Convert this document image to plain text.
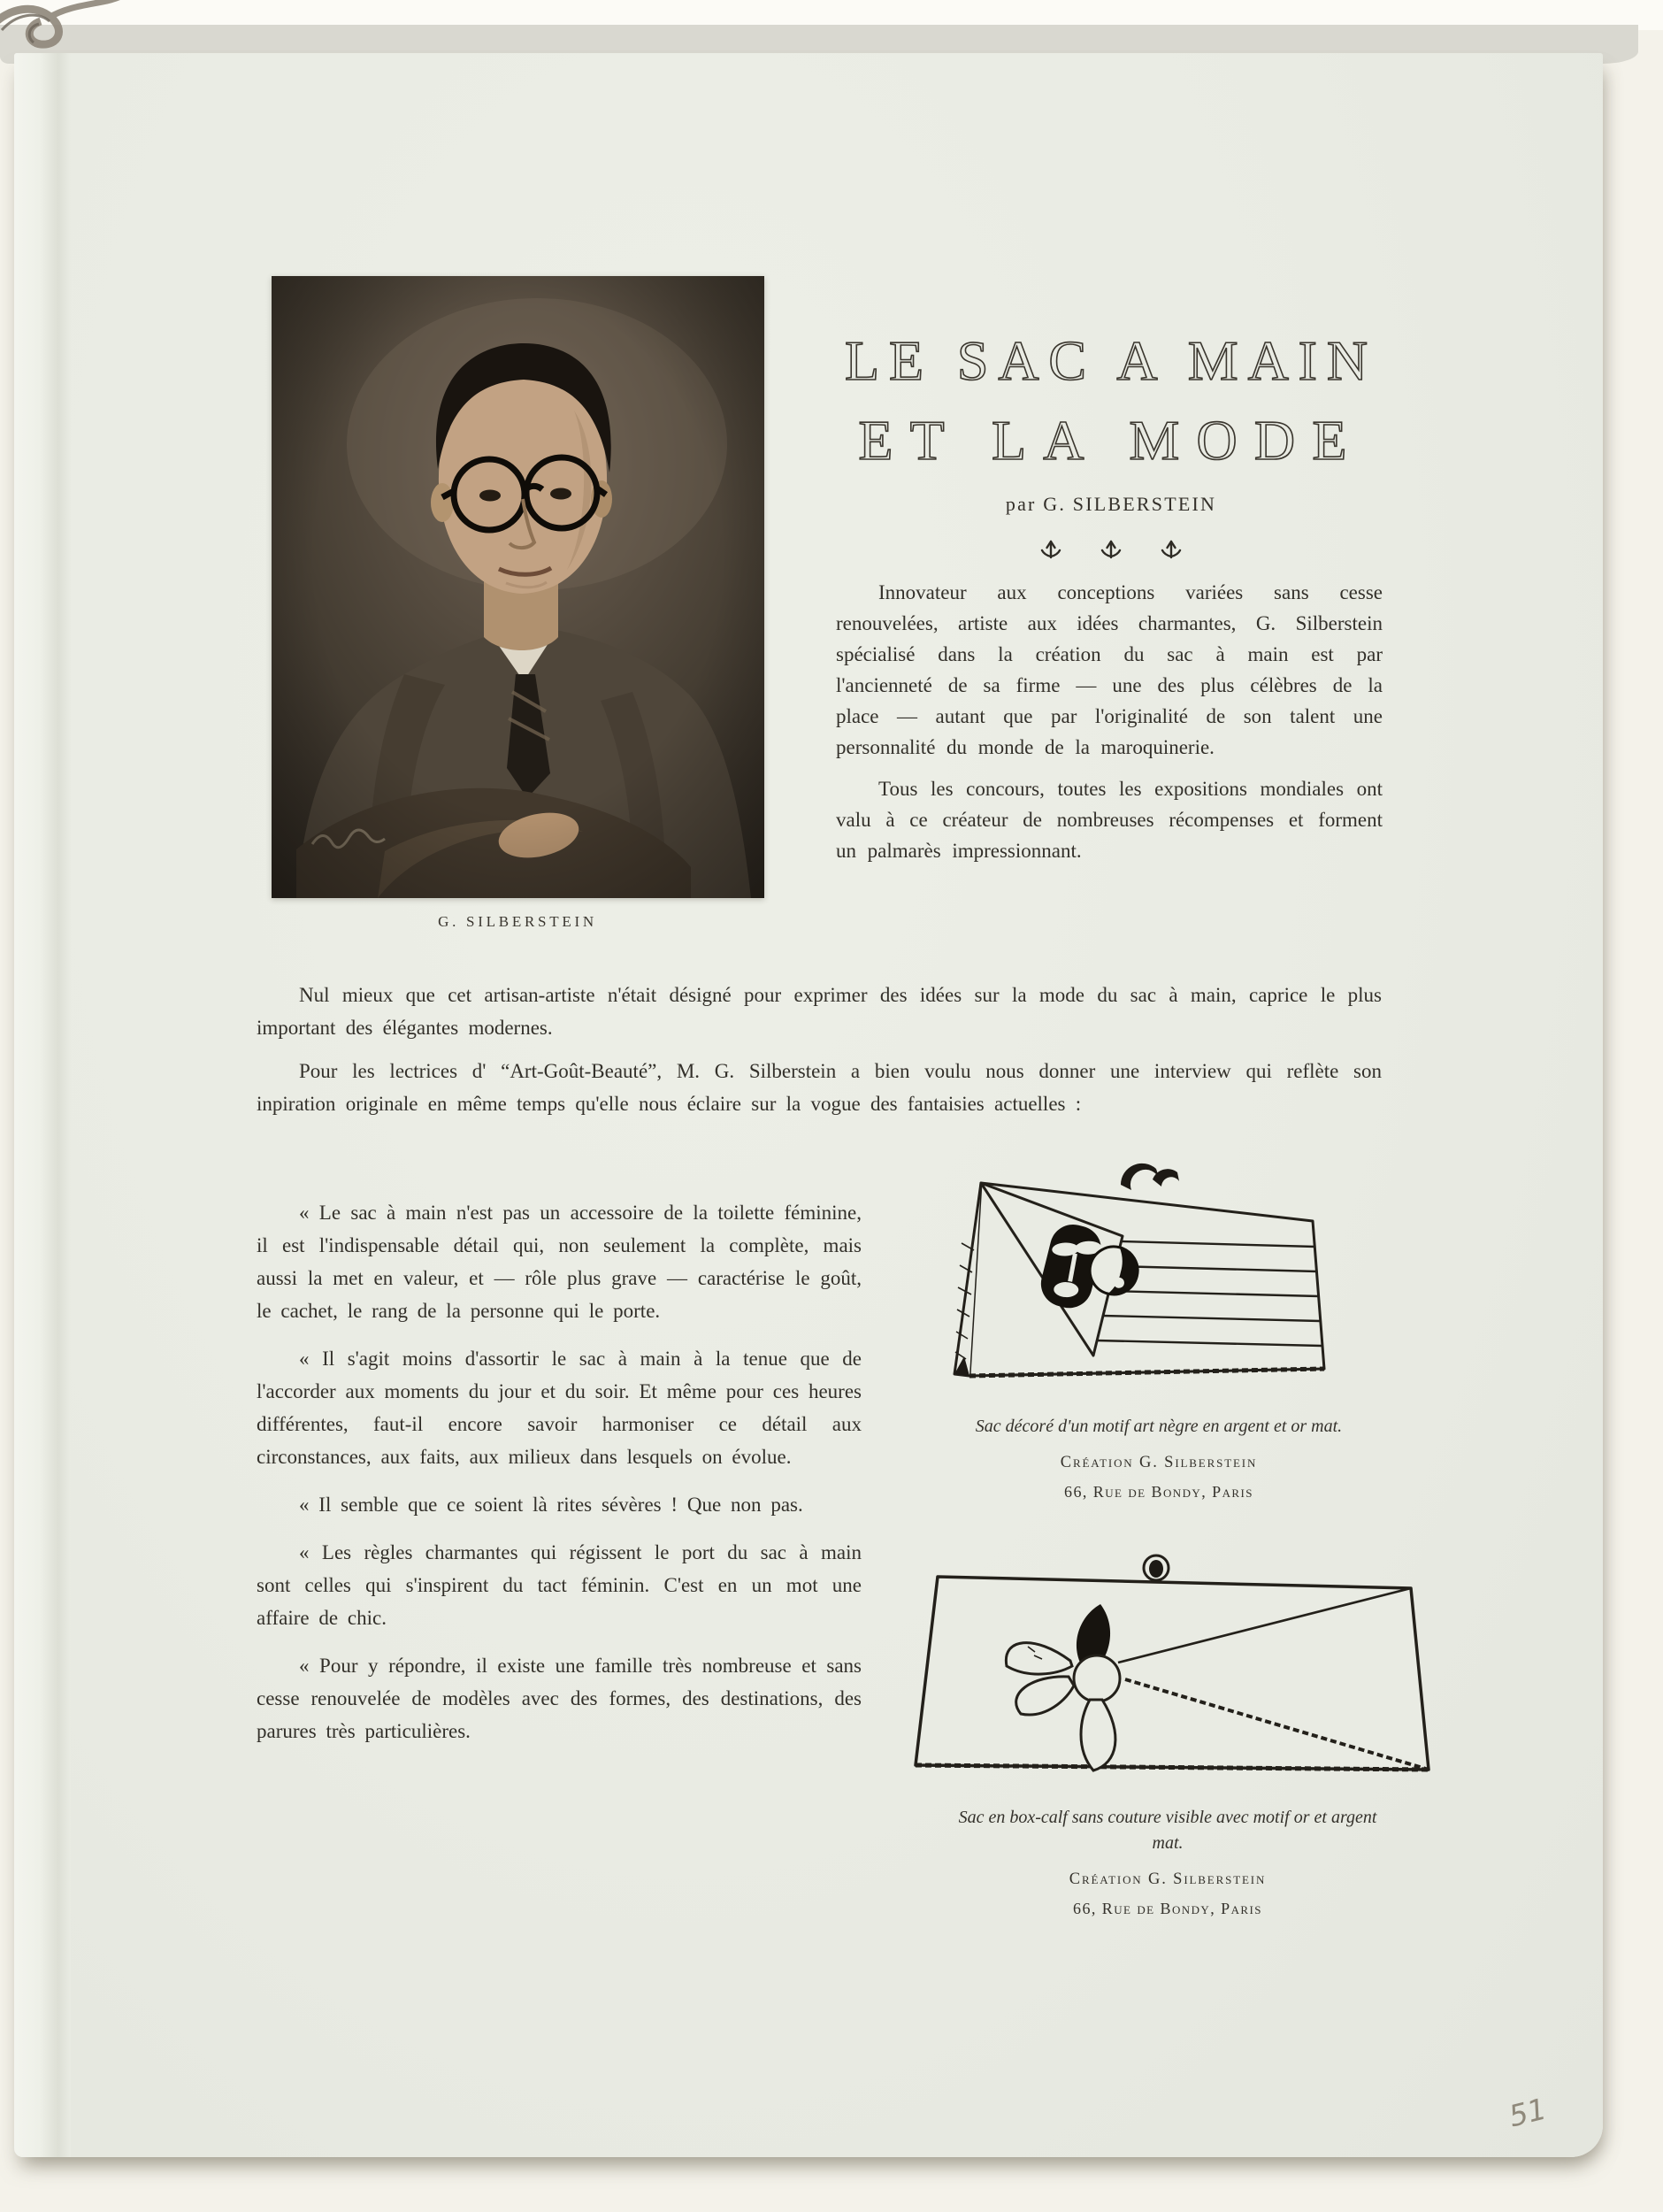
G. SILBERSTEIN
LE SAC A MAIN
ET LA MODE
par G. SILBERSTEIN

Innovateur aux conceptions variées sans cesse renouvelées, artiste aux idées charmantes, G. Silberstein spécialisé dans la création du sac à main est par l'ancienneté de sa firme — une des plus célèbres de la place — autant que par l'originalité de son talent une personnalité du monde de la maroquinerie.

Tous les concours, toutes les expositions mondiales ont valu à ce créateur de nombreuses récompenses et forment un palmarès impressionnant.

Nul mieux que cet artisan-artiste n'était désigné pour exprimer des idées sur la mode du sac à main, caprice le plus important des élégantes modernes.

Pour les lectrices d' “Art-Goût-Beauté”, M. G. Silberstein a bien voulu nous donner une interview qui reflète son inpiration originale en même temps qu'elle nous éclaire sur la vogue des fantaisies actuelles :

« Le sac à main n'est pas un accessoire de la toilette féminine, il est l'indispensable détail qui, non seulement la complète, mais aussi la met en valeur, et — rôle plus grave — caractérise le goût, le cachet, le rang de la personne qui le porte.

« Il s'agit moins d'assortir le sac à main à la tenue que de l'accorder aux moments du jour et du soir. Et même pour ces heures différentes, faut-il encore savoir harmoniser ce détail aux circonstances, aux faits, aux milieux dans lesquels on évolue.

« Il semble que ce soient là rites sévères ! Que non pas.

« Les règles charmantes qui régissent le port du sac à main sont celles qui s'inspirent du tact féminin. C'est en un mot une affaire de chic.

« Pour y répondre, il existe une famille très nombreuse et sans cesse renouvelée de modèles avec des formes, des destinations, des parures très particulières.

Sac décoré d'un motif art nègre en argent et or mat.
Création G. Silberstein
66, Rue de Bondy, Paris
Sac en box-calf sans couture visible avec motif or et argent mat.
Création G. Silberstein
66, Rue de Bondy, Paris
51
